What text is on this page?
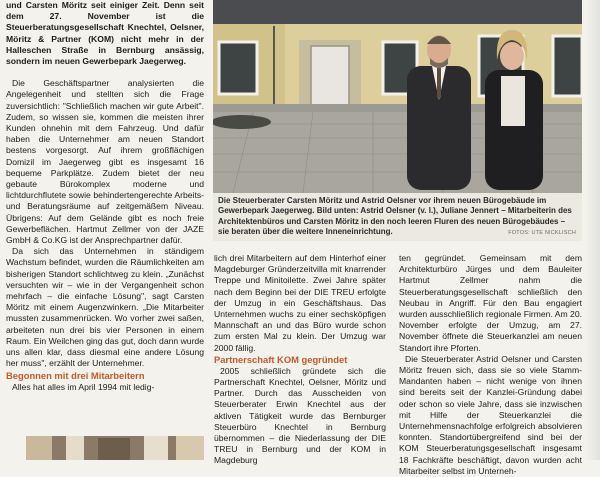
und Carsten Möritz seit einiger Zeit. Denn seit dem 27. November ist die Steuerberatungsgesellschaft Knechtel, Oelsner, Möritz & Partner (KOM) nicht mehr in der Halleschen Straße in Bernburg ansässig, sondern im neuen Gewerbepark Jaegerweg.

Die Geschäftspartner analysierten die Angelegenheit und stellten sich die Frage zuversichtlich: "Schließlich machen wir gute Arbeit". Zudem, so wissen sie, kommen die meisten ihrer Kunden ohnehin mit dem Fahrzeug. Und dafür haben die Unternehmer am neuen Standort bestens vorgesorgt. Auf ihrem großflächigen Domizil im Jaegerweg gibt es insgesamt 16 bequeme Parkplätze. Zudem bietet der neu gebaute Bürokomplex moderne und lichtdurchflutete sowie behindertengerechte Arbeits- und Beratungsräume auf zeitgemäßem Niveau. Übrigens: Auf dem Gelände gibt es noch freie Gewerbeflächen. Hartmut Zellmer von der JAZE GmbH & Co.KG ist der Ansprechpartner dafür.

Da sich das Unternehmen in ständigem Wachstum befindet, wurden die Räumlichkeiten am bisherigen Standort schlichtweg zu klein. „Zunächst versuchten wir – wie in der Vergangenheit schon mehrfach – die einfache Lösung", sagt Carsten Möritz mit einem Augenzwinkern. „Die Mitarbeiter mussten zusammenrücken. Wo vorher zwei saßen, arbeiteten nun drei bis vier Personen in einem Raum. Ein Weilchen ging das gut, doch dann wurde uns allen klar, dass diesmal eine andere Lösung her muss", erzählt der Unternehmer.

Begonnen mit drei Mitarbeitern

Alles hat alles im April 1994 mit ledig-

Die Steuerberater Carsten Möritz und Astrid Oelsner vor ihrem neuen Bürogebäude im Gewerbepark Jaegerweg. Bild unten: Astrid Oelsner (v. l.), Juliane Jennert – Mitarbeiterin des Architektenbüros und Carsten Möritz in den noch leeren Fluren des neuen Bürogebäudes – sie beraten über die weitere Inneneinrichtung.	FOTOS: UTE NICKLISCH

lich drei Mitarbeitern auf dem Hinterhof einer Magdeburger Gründerzeitvilla mit knarrender Treppe und Minitoilette. Zwei Jahre später nach dem Beginn bei der DIE TREU erfolgte der Umzug in ein Geschäftshaus. Das Unternehmen wuchs zu einer sechsköpfigen Mannschaft an und das Büro wurde schon zum ersten Mal zu klein. Der Umzug war 2000 fällig.

Partnerschaft KOM gegründet

2005 schließlich gründete sich die Partnerschaft Knechtel, Oelsner, Möritz und Partner. Durch das Ausscheiden von Steuerberater Erwin Knechtel aus der aktiven Tätigkeit wurde das Bernburger Steuerbüro Knechtel in Bernburg übernommen – die Niederlassung der DIE TREU in Bernburg und der KOM in Magdeburg

ten gegründet. Gemeinsam mit dem Architekturbüro Jürges und dem Bauleiter Hartmut Zellmer nahm die Steuerberatungsgesellschaft schließlich den Neubau in Angriff. Für den Bau engagiert wurden ausschließlich regionale Firmen. Am 20. November erfolgte der Umzug, am 27. November öffnete die Steuerkanzlei am neuen Standort ihre Pforten.

Die Steuerberater Astrid Oelsner und Carsten Möritz freuen sich, dass sie so viele Stamm-Mandanten haben – nicht wenige von ihnen sind bereits seit der Kanzlei-Gründung dabei oder schon so viele Jahre, dass sie inzwischen mit Hilfe der Steuerkanzlei die Unternehmensnachfolge erfolgreich absolvieren konnten. Standortübergreifend sind bei der KOM Steuerberatungsgesellschaft insgesamt 18 Fachkräfte beschäftigt, davon wurden acht Mitarbeiter selbst im Unterneh-
